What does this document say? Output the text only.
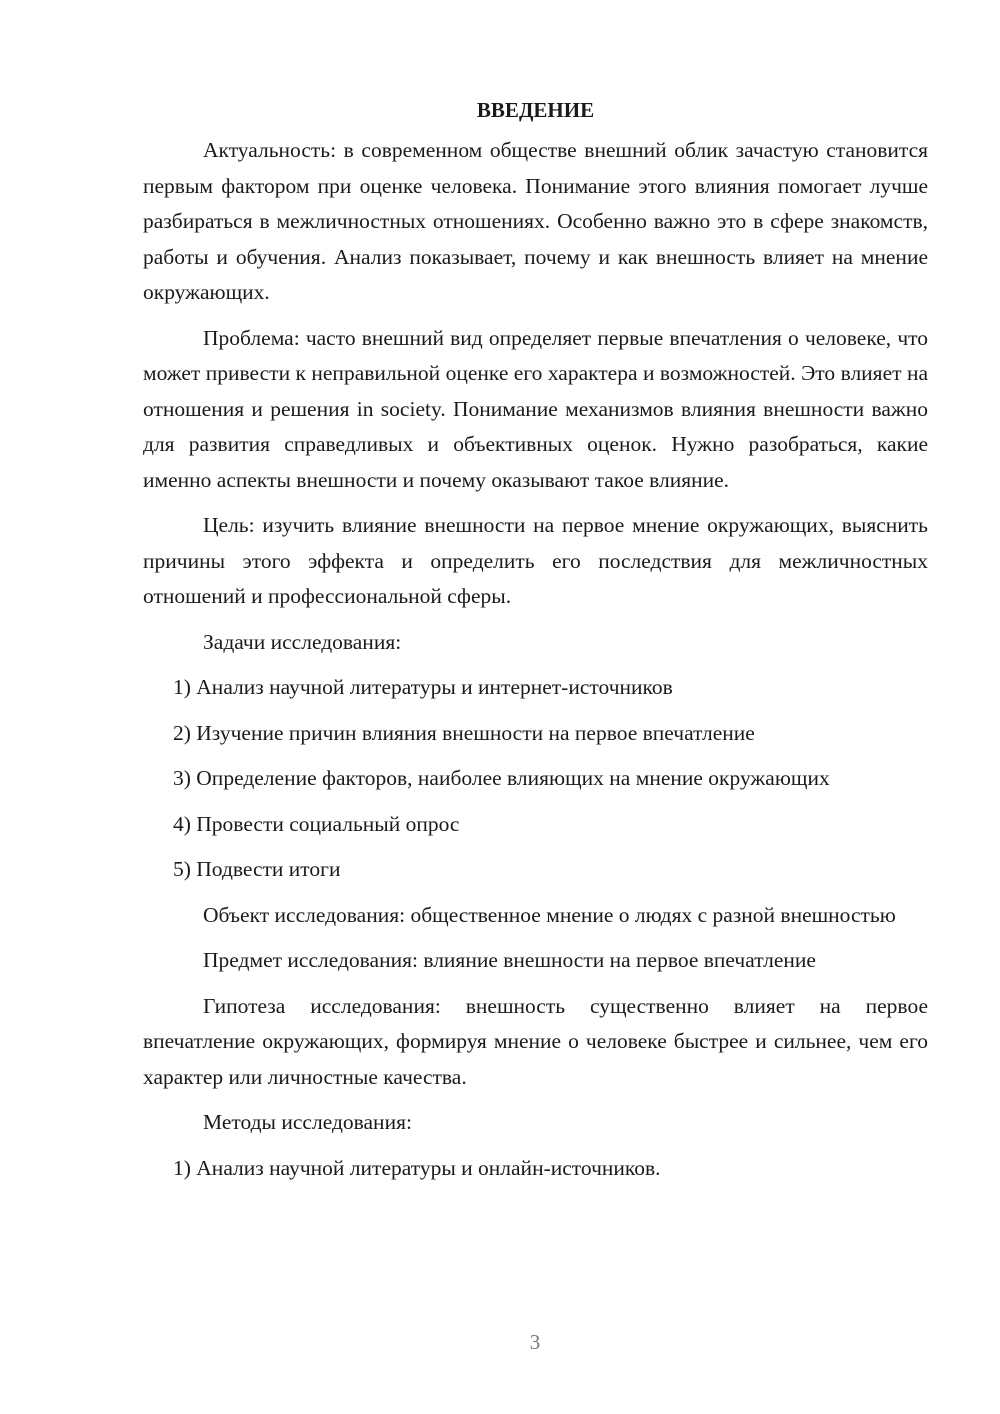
ВВЕДЕНИЕ
Актуальность: в современном обществе внешний облик зачастую становится первым фактором при оценке человека. Понимание этого влияния помогает лучше разбираться в межличностных отношениях. Особенно важно это в сфере знакомств, работы и обучения. Анализ показывает, почему и как внешность влияет на мнение окружающих.
Проблема: часто внешний вид определяет первые впечатления о человеке, что может привести к неправильной оценке его характера и возможностей. Это влияет на отношения и решения in society. Понимание механизмов влияния внешности важно для развития справедливых и объективных оценок. Нужно разобраться, какие именно аспекты внешности и почему оказывают такое влияние.
Цель: изучить влияние внешности на первое мнение окружающих, выяснить причины этого эффекта и определить его последствия для межличностных отношений и профессиональной сферы.
Задачи исследования:
1) Анализ научной литературы и интернет-источников
2) Изучение причин влияния внешности на первое впечатление
3) Определение факторов, наиболее влияющих на мнение окружающих
4) Провести социальный опрос
5) Подвести итоги
Объект исследования: общественное мнение о людях с разной внешностью
Предмет исследования: влияние внешности на первое впечатление
Гипотеза исследования: внешность существенно влияет на первое впечатление окружающих, формируя мнение о человеке быстрее и сильнее, чем его характер или личностные качества.
Методы исследования:
1) Анализ научной литературы и онлайн-источников.
3
